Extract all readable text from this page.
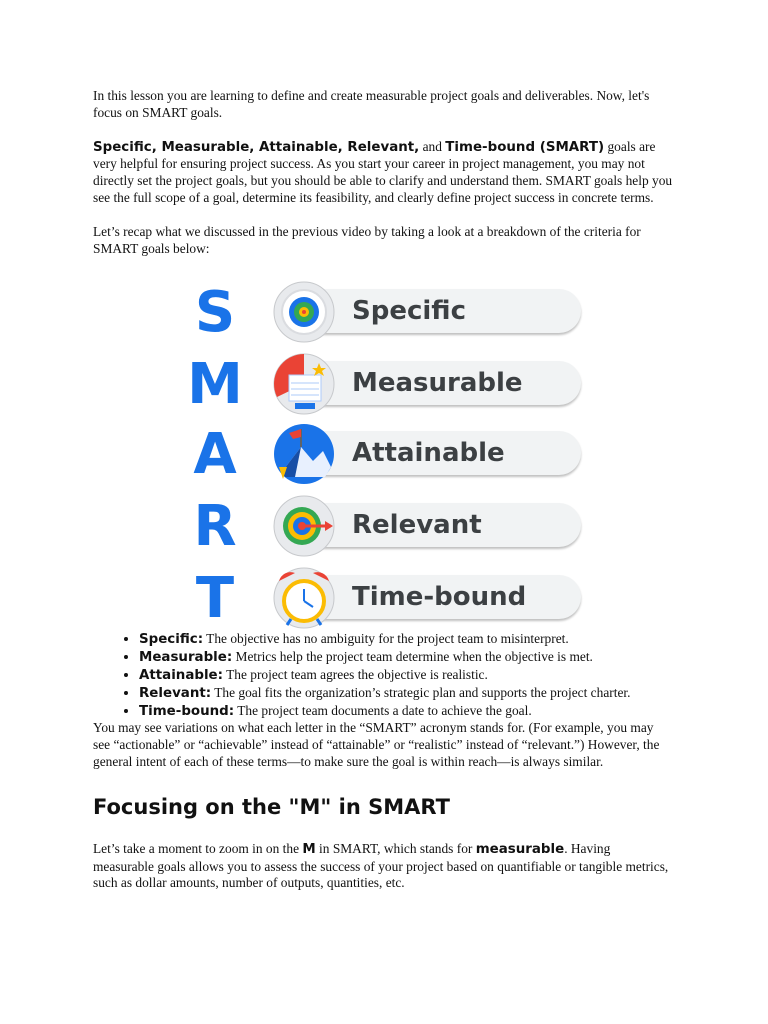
In this lesson you are learning to define and create measurable project goals and deliverables. Now, let's focus on SMART goals.

Specific, Measurable, Attainable, Relevant, and Time-bound (SMART) goals are very helpful for ensuring project success. As you start your career in project management, you may not directly set the project goals, but you should be able to clarify and understand them. SMART goals help you see the full scope of a goal, determine its feasibility, and clearly define project success in concrete terms.

Let’s recap what we discussed in the previous video by taking a look at a breakdown of the criteria for SMART goals below:

S	Specific
M	Measurable
A	Attainable
R	Relevant
T	Time-bound
• Specific: The objective has no ambiguity for the project team to misinterpret.
• Measurable: Metrics help the project team determine when the objective is met.
• Attainable: The project team agrees the objective is realistic.
• Relevant: The goal fits the organization’s strategic plan and supports the project charter.
• Time-bound: The project team documents a date to achieve the goal.

You may see variations on what each letter in the “SMART” acronym stands for. (For example, you may see “actionable” or “achievable” instead of “attainable” or “realistic” instead of “relevant.”) However, the general intent of each of these terms—to make sure the goal is within reach—is always similar.

Focusing on the "M" in SMART

Let’s take a moment to zoom in on the M in SMART, which stands for measurable. Having measurable goals allows you to assess the success of your project based on quantifiable or tangible metrics, such as dollar amounts, number of outputs, quantities, etc.
